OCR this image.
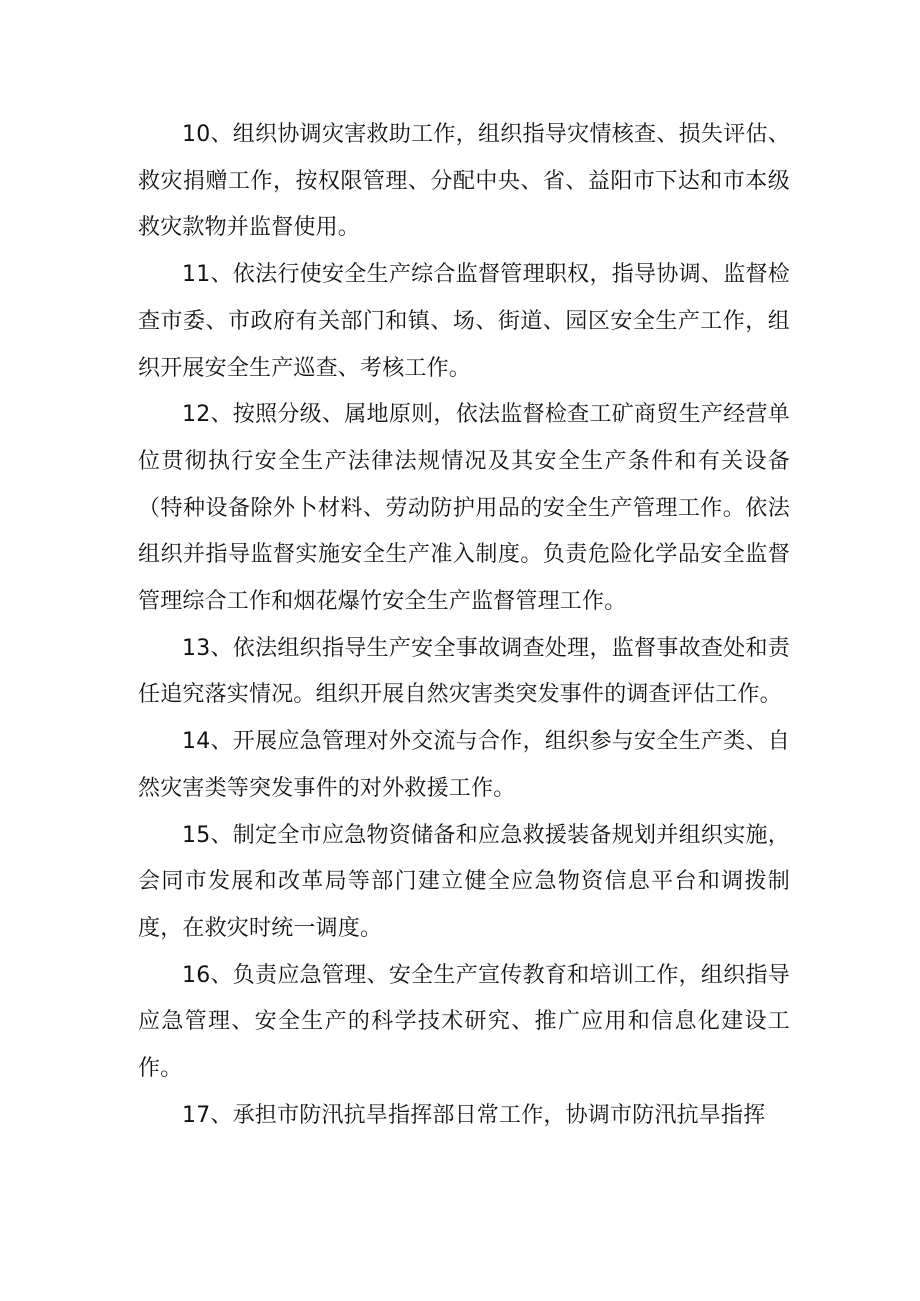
10、组织协调灾害救助工作，组织指导灾情核查、损失评估、救灾捐赠工作，按权限管理、分配中央、省、益阳市下达和市本级救灾款物并监督使用。

11、依法行使安全生产综合监督管理职权，指导协调、监督检查市委、市政府有关部门和镇、场、街道、园区安全生产工作，组织开展安全生产巡查、考核工作。

12、按照分级、属地原则，依法监督检查工矿商贸生产经营单位贯彻执行安全生产法律法规情况及其安全生产条件和有关设备（特种设备除外卜材料、劳动防护用品的安全生产管理工作。依法组织并指导监督实施安全生产准入制度。负责危险化学品安全监督管理综合工作和烟花爆竹安全生产监督管理工作。

13、依法组织指导生产安全事故调查处理，监督事故查处和责任追究落实情况。组织开展自然灾害类突发事件的调查评估工作。

14、开展应急管理对外交流与合作，组织参与安全生产类、自然灾害类等突发事件的对外救援工作。

15、制定全市应急物资储备和应急救援装备规划并组织实施，会同市发展和改革局等部门建立健全应急物资信息平台和调拨制度，在救灾时统一调度。

16、负责应急管理、安全生产宣传教育和培训工作，组织指导应急管理、安全生产的科学技术研究、推广应用和信息化建设工作。

17、承担市防汛抗旱指挥部日常工作，协调市防汛抗旱指挥
